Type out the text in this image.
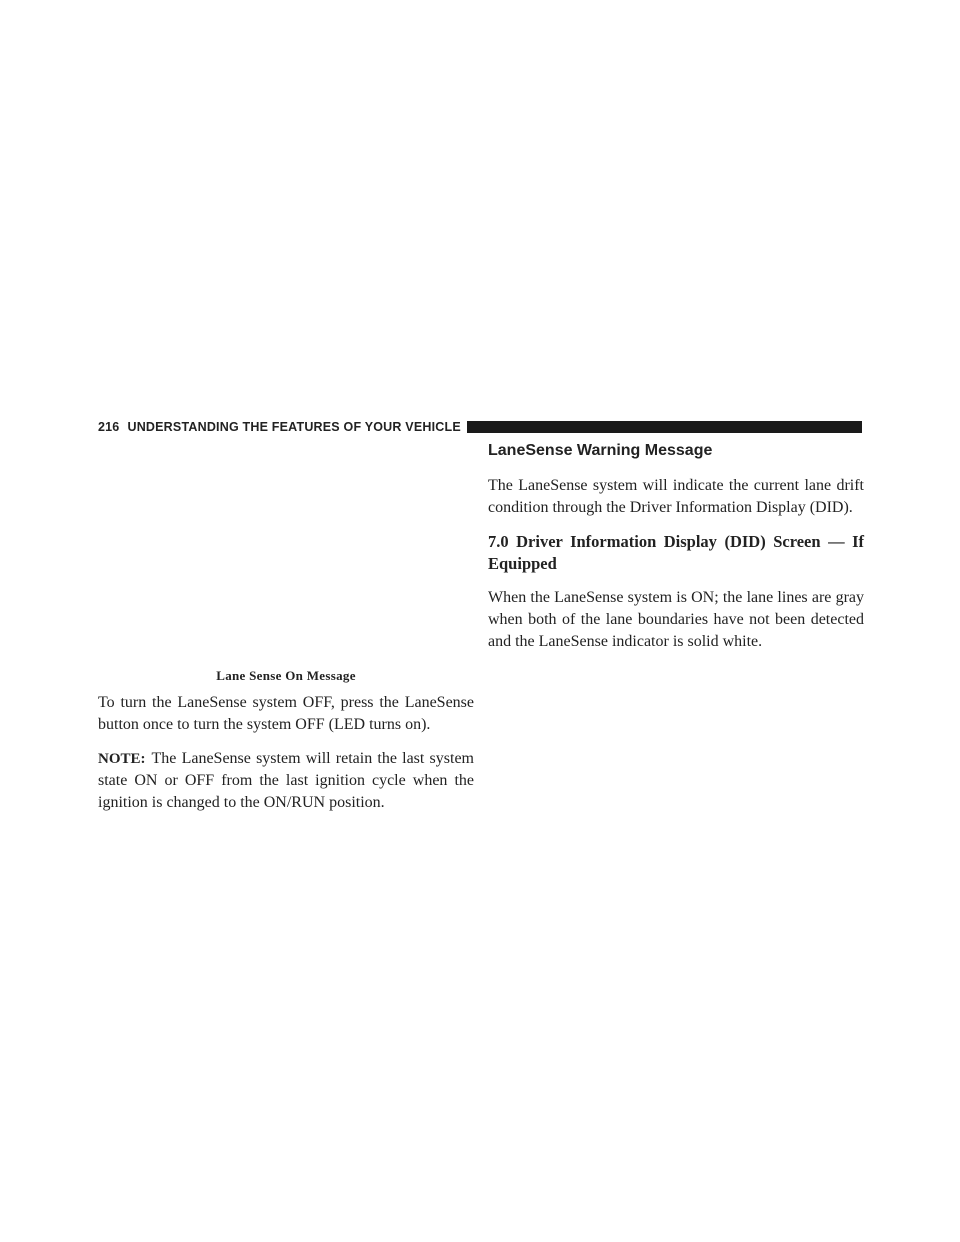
216 UNDERSTANDING THE FEATURES OF YOUR VEHICLE
LaneSense Warning Message

The LaneSense system will indicate the current lane drift condition through the Driver Information Display (DID).

7.0 Driver Information Display (DID) Screen — If Equipped

When the LaneSense system is ON; the lane lines are gray when both of the lane boundaries have not been detected and the LaneSense indicator is solid white.

Lane Sense On Message

To turn the LaneSense system OFF, press the LaneSense button once to turn the system OFF (LED turns on).

NOTE: The LaneSense system will retain the last system state ON or OFF from the last ignition cycle when the ignition is changed to the ON/RUN position.
